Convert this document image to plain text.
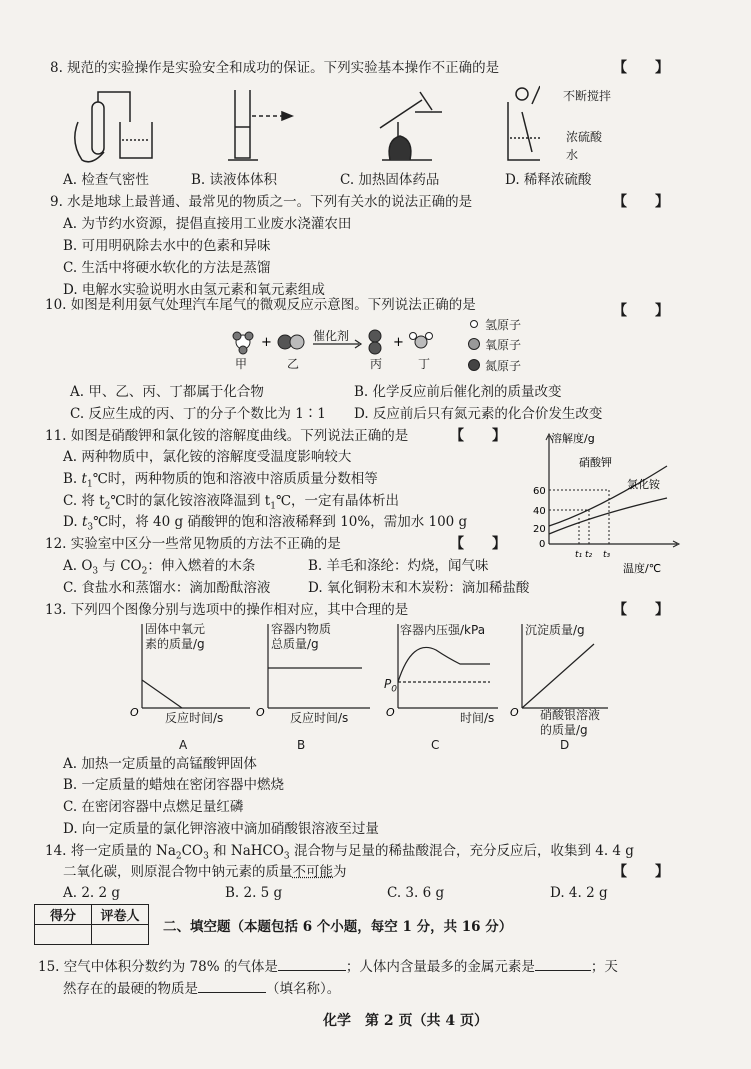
8. 规范的实验操作是实验安全和成功的保证。下列实验基本操作不正确的是	【　　】
不断搅拌
浓硫酸
水
A. 检查气密性	B. 读液体体积	C. 加热固体药品	D. 稀释浓硫酸
9. 水是地球上最普通、最常见的物质之一。下列有关水的说法正确的是	【　　】
A. 为节约水资源，提倡直接用工业废水浇灌农田
B. 可用明矾除去水中的色素和异味
C. 生活中将硬水软化的方法是蒸馏
D. 电解水实验说明水由氢元素和氧元素组成
10. 如图是利用氨气处理汽车尾气的微观反应示意图。下列说法正确的是	【　　】
+	+
催化剂
甲	乙	丙	丁
氢原子
氧原子
氮原子
A. 甲、乙、丙、丁都属于化合物	B. 化学反应前后催化剂的质量改变
C. 反应生成的丙、丁的分子个数比为 1∶1 D. 反应前后只有氮元素的化合价发生改变
11. 如图是硝酸钾和氯化铵的溶解度曲线。下列说法正确的是	【　　】
A. 两种物质中，氯化铵的溶解度受温度影响较大
B. $t_1℃$时，两种物质的饱和溶液中溶质质量分数相等
C. 将 $t_2℃$时的氯化铵溶液降温到 $t_1℃$，一定有晶体析出
D. $t_3℃$时，将 40 g 硝酸钾的饱和溶液稀释到 10%，需加水 100 g
60
40
20
0
t₁ t₂ t₃
溶解度/g
温度/℃
硝酸钾
氯化铵
12. 实验室中区分一些常见物质的方法不正确的是	【　　】
A. $O_3$ 与 $CO_2$：伸入燃着的木条	B. 羊毛和涤纶：灼烧，闻气味
C. 食盐水和蒸馏水：滴加酚酞溶液	D. 氧化铜粉末和木炭粉：滴加稀盐酸
13. 下列四个图像分别与选项中的操作相对应，其中合理的是	【　　】
O	O	O	O
固体中氧元
素的质量/g
容器内物质
总质量/g
容器内压强/kPa
$P_0$
沉淀质量/g
反应时间/s	反应时间/s	时间/s	硝酸银溶液
的质量/g
A	B	C	D
A. 加热一定质量的高锰酸钾固体
B. 一定质量的蜡烛在密闭容器中燃烧
C. 在密闭容器中点燃足量红磷
D. 向一定质量的氯化钾溶液中滴加硝酸银溶液至过量
14. 将一定质量的 $Na_2CO_3$ 和 NaHCO$_3$ 混合物与足量的稀盐酸混合，充分反应后，收集到 4. 4 g
二氧化碳，则原混合物中钠元素的质量不可能为	【　　】
A. 2. 2 g	B. 2. 5 g	C. 3. 6 g	D. 4. 2 g
得分	评卷人

二、填空题（本题包括 6 个小题，每空 1 分，共 16 分）
15. 空气中体积分数约为 78% 的气体是	；人体内含量最多的金属元素是	；天
然存在的最硬的物质是	（填名称）。
化学　第 2 页（共 4 页）
